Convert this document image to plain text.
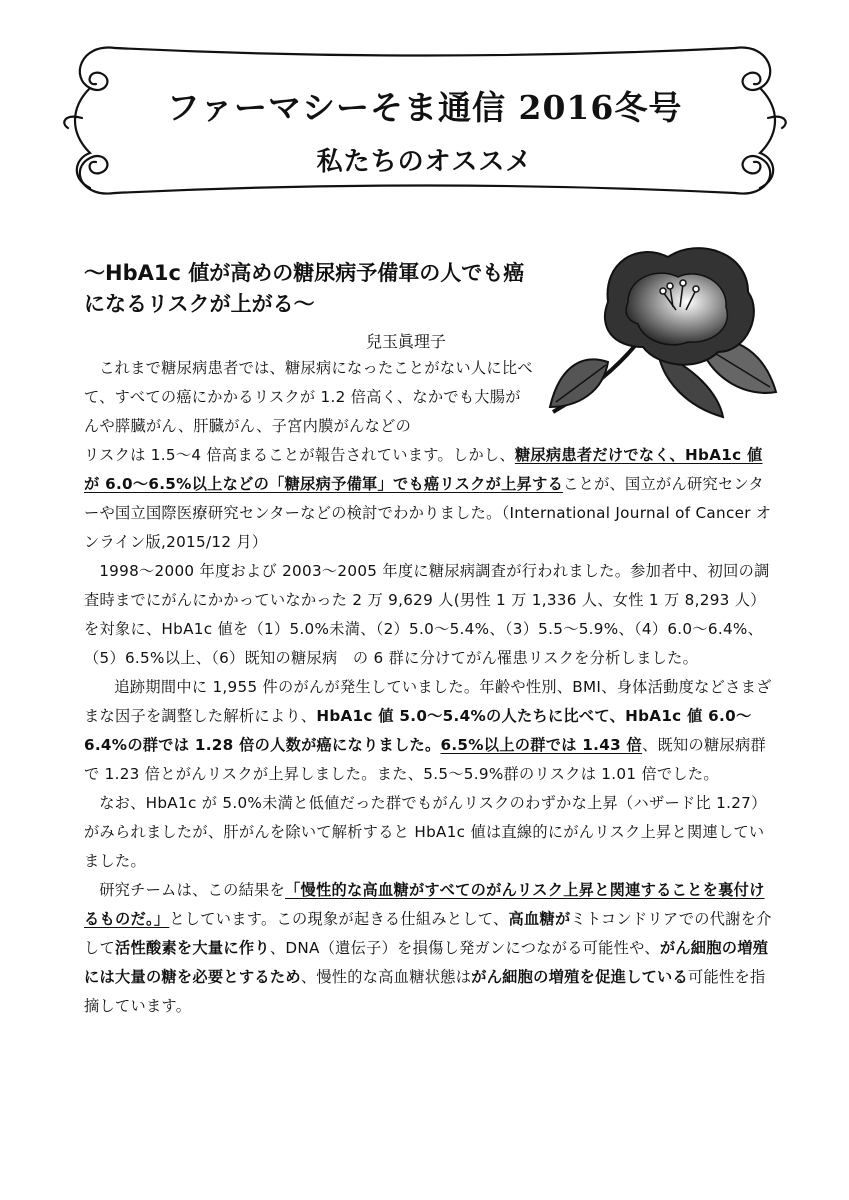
ファーマシーそま通信 2016冬号
私たちのオススメ
～HbA1c 値が高めの糖尿病予備軍の人でも癌
になるリスクが上がる～
兒玉眞理子

これまで糖尿病患者では、糖尿病になったことがない人に比べて、すべての癌にかかるリスクが 1.2 倍高く、なかでも大腸がんや膵臓がん、肝臓がん、子宮内膜がんなどの

リスクは 1.5～4 倍高まることが報告されています。しかし、糖尿病患者だけでなく、HbA1c 値が 6.0～6.5%以上などの「糖尿病予備軍」でも癌リスクが上昇することが、国立がん研究センターや国立国際医療研究センターなどの検討でわかりました。（International Journal of Cancer オンライン版,2015/12 月）

1998～2000 年度および 2003～2005 年度に糖尿病調査が行われました。参加者中、初回の調査時までにがんにかかっていなかった 2 万 9,629 人(男性 1 万 1,336 人、女性 1 万 8,293 人）を対象に、HbA1c 値を（1）5.0%未満、（2）5.0～5.4%、（3）5.5～5.9%、（4）6.0～6.4%、（5）6.5%以上、（6）既知の糖尿病　の 6 群に分けてがん罹患リスクを分析しました。

追跡期間中に 1,955 件のがんが発生していました。年齢や性別、BMI、身体活動度などさまざまな因子を調整した解析により、HbA1c 値 5.0～5.4%の人たちに比べて、HbA1c 値 6.0～6.4%の群では 1.28 倍の人数が癌になりました。6.5%以上の群では 1.43 倍、既知の糖尿病群で 1.23 倍とがんリスクが上昇しました。また、5.5～5.9%群のリスクは 1.01 倍でした。

なお、HbA1c が 5.0%未満と低値だった群でもがんリスクのわずかな上昇（ハザード比 1.27）がみられましたが、肝がんを除いて解析すると HbA1c 値は直線的にがんリスク上昇と関連していました。

研究チームは、この結果を「慢性的な高血糖がすべてのがんリスク上昇と関連することを裏付けるものだ。」としています。この現象が起きる仕組みとして、高血糖がミトコンドリアでの代謝を介して活性酸素を大量に作り、DNA（遺伝子）を損傷し発ガンにつながる可能性や、がん細胞の増殖には大量の糖を必要とするため、慢性的な高血糖状態はがん細胞の増殖を促進している可能性を指摘しています。
